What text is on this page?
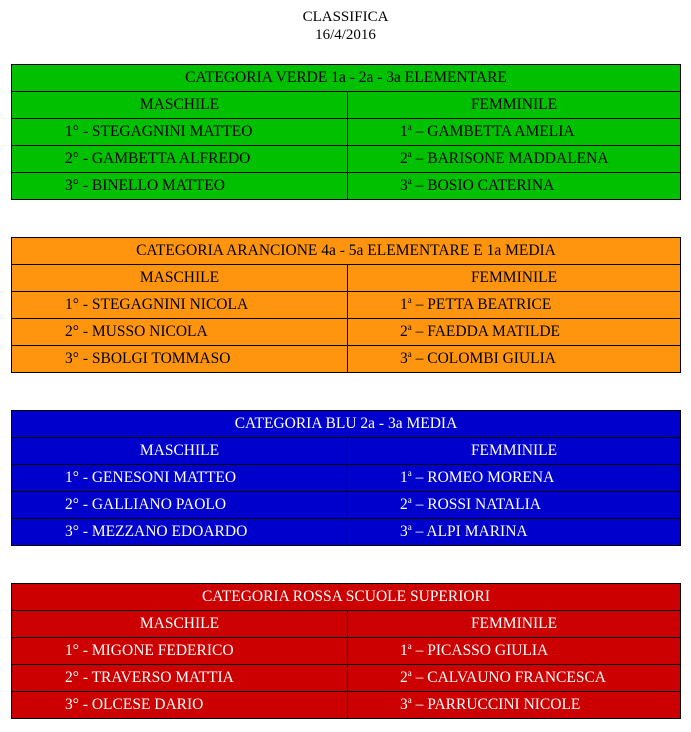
CLASSIFICA
16/4/2016
CATEGORIA VERDE 1a - 2a - 3a ELEMENTARE	
MASCHILE	FEMMINILE
1° - STEGAGNINI MATTEO	1$^a$ – GAMBETTA AMELIA
2° - GAMBETTA ALFREDO	2$^a$ – BARISONE MADDALENA
3° - BINELLO MATTEO	3$^a$ – BOSIO CATERINA
CATEGORIA ARANCIONE 4a - 5a ELEMENTARE E 1a MEDIA	
MASCHILE	FEMMINILE
1° - STEGAGNINI NICOLA	1$^a$ – PETTA BEATRICE
2° - MUSSO NICOLA	2$^a$ – FAEDDA MATILDE
3° - SBOLGI TOMMASO	3$^a$ – COLOMBI GIULIA
CATEGORIA BLU 2a - 3a MEDIA	
MASCHILE	FEMMINILE
1° - GENESONI MATTEO	1$^a$ – ROMEO MORENA
2° - GALLIANO PAOLO	2$^a$ – ROSSI NATALIA
3° - MEZZANO EDOARDO	3$^a$ – ALPI MARINA
CATEGORIA ROSSA SCUOLE SUPERIORI	
MASCHILE	FEMMINILE
1° - MIGONE FEDERICO	1$^a$ – PICASSO GIULIA
2° - TRAVERSO MATTIA	2$^a$ – CALVAUNO FRANCESCA
3° - OLCESE DARIO	3$^a$ – PARRUCCINI NICOLE
